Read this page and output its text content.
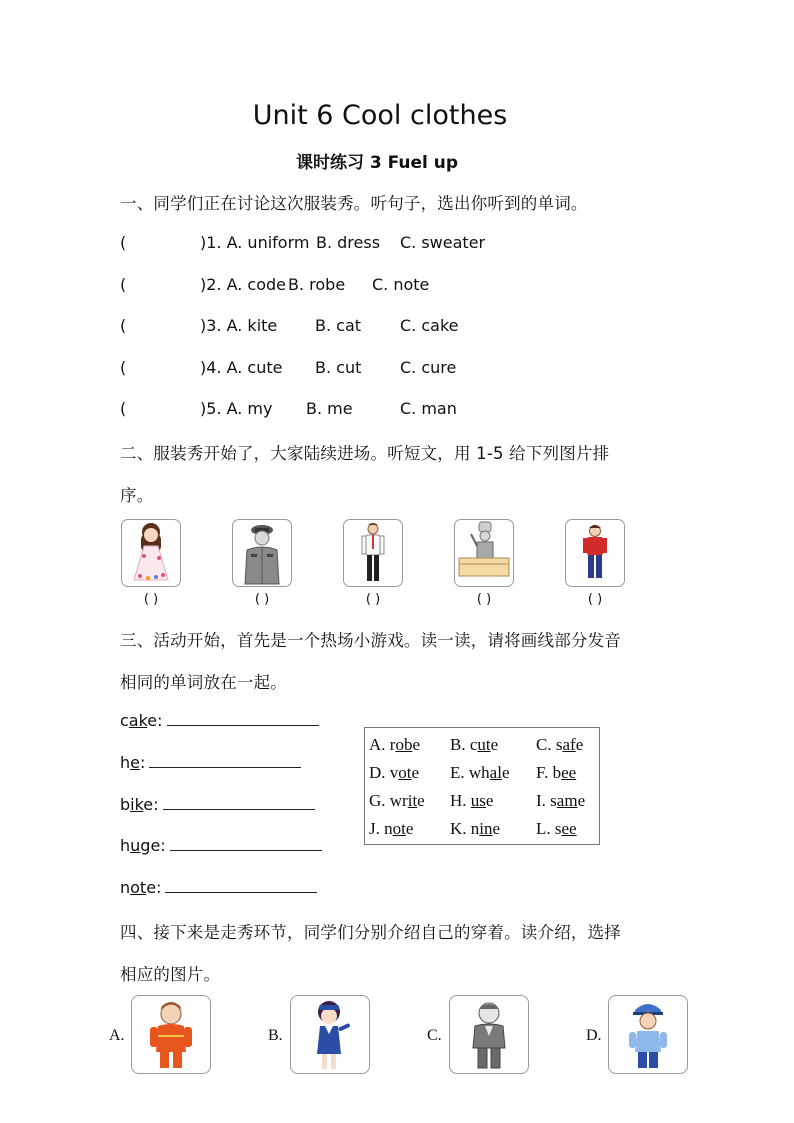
Unit 6 Cool clothes
课时练习 3 Fuel up
一、同学们正在讨论这次服装秀。听句子，选出你听到的单词。
(	)1. A. uniform B. dress C. sweater
(	)2. A. code B. robe C. note
(	)3. A. kite B. cat C. cake
(	)4. A. cute B. cut C. cure
(	)5. A. my B. me	C. man
二、服装秀开始了，大家陆续进场。听短文，用 1-5 给下列图片排
序。
( )	( )	( )	( )	( )
三、活动开始，首先是一个热场小游戏。读一读，请将画线部分发音
相同的单词放在一起。
cake:
he:
bike:
huge:
note:
A. robe B. cute C. safe
D. vote E. whale F. bee
G. write H. use	I. same
J. note K. nine L. see
四、接下来是走秀环节，同学们分别介绍自己的穿着。读介绍，选择
相应的图片。
A.	B.	C.	D.
